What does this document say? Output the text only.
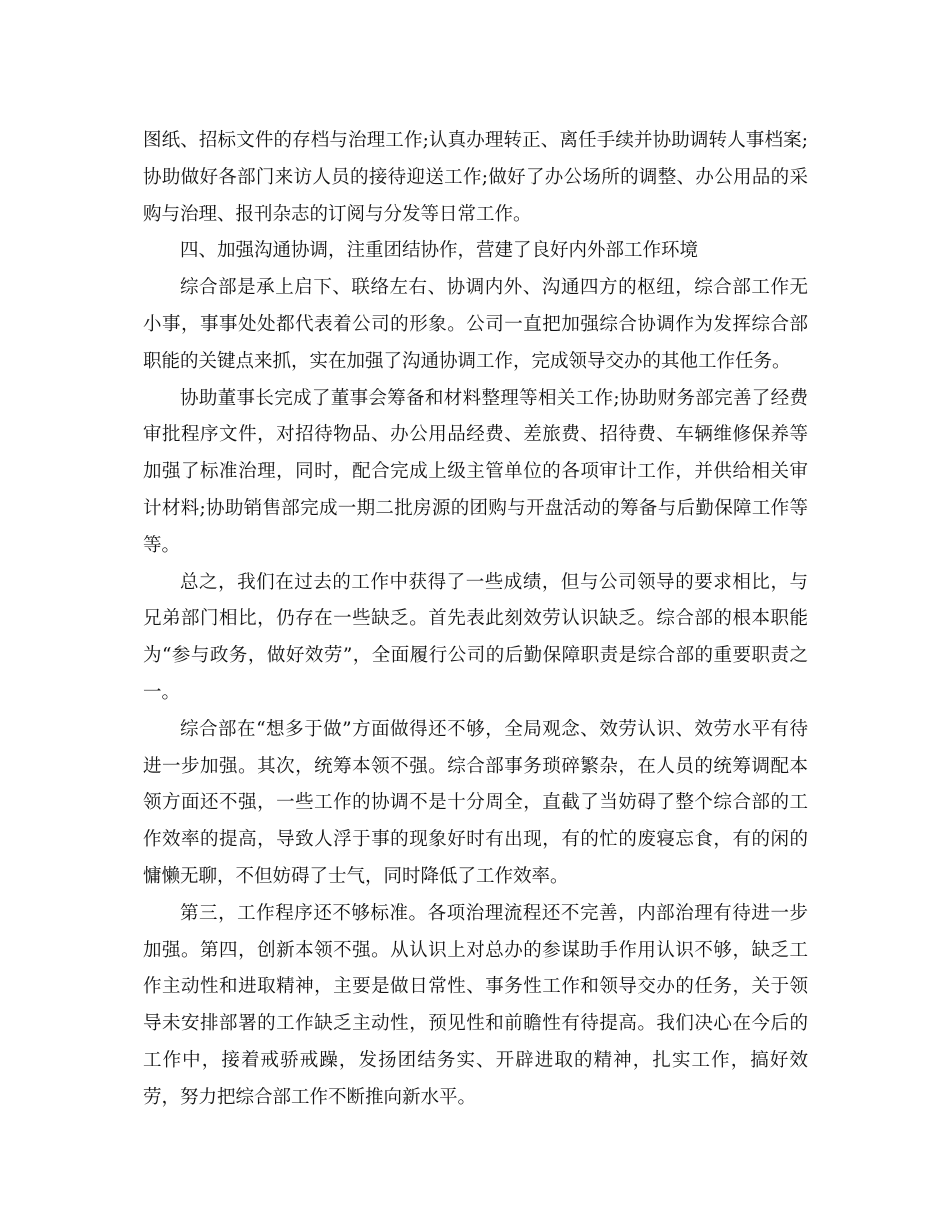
图纸、招标文件的存档与治理工作;认真办理转正、离任手续并协助调转人事档案;协助做好各部门来访人员的接待迎送工作;做好了办公场所的调整、办公用品的采购与治理、报刊杂志的订阅与分发等日常工作。

四、加强沟通协调，注重团结协作，营建了良好内外部工作环境

综合部是承上启下、联络左右、协调内外、沟通四方的枢纽，综合部工作无小事，事事处处都代表着公司的形象。公司一直把加强综合协调作为发挥综合部职能的关键点来抓，实在加强了沟通协调工作，完成领导交办的其他工作任务。

协助董事长完成了董事会筹备和材料整理等相关工作;协助财务部完善了经费审批程序文件，对招待物品、办公用品经费、差旅费、招待费、车辆维修保养等加强了标准治理，同时，配合完成上级主管单位的各项审计工作，并供给相关审计材料;协助销售部完成一期二批房源的团购与开盘活动的筹备与后勤保障工作等等。

总之，我们在过去的工作中获得了一些成绩，但与公司领导的要求相比，与兄弟部门相比，仍存在一些缺乏。首先表此刻效劳认识缺乏。综合部的根本职能为“参与政务，做好效劳”，全面履行公司的后勤保障职责是综合部的重要职责之一。

综合部在“想多于做”方面做得还不够，全局观念、效劳认识、效劳水平有待进一步加强。其次，统筹本领不强。综合部事务琐碎繁杂，在人员的统筹调配本领方面还不强，一些工作的协调不是十分周全，直截了当妨碍了整个综合部的工作效率的提高，导致人浮于事的现象好时有出现，有的忙的废寝忘食，有的闲的慵懒无聊，不但妨碍了士气，同时降低了工作效率。

第三，工作程序还不够标准。各项治理流程还不完善，内部治理有待进一步加强。第四，创新本领不强。从认识上对总办的参谋助手作用认识不够，缺乏工作主动性和进取精神，主要是做日常性、事务性工作和领导交办的任务，关于领导未安排部署的工作缺乏主动性，预见性和前瞻性有待提高。我们决心在今后的工作中，接着戒骄戒躁，发扬团结务实、开辟进取的精神，扎实工作，搞好效劳，努力把综合部工作不断推向新水平。
